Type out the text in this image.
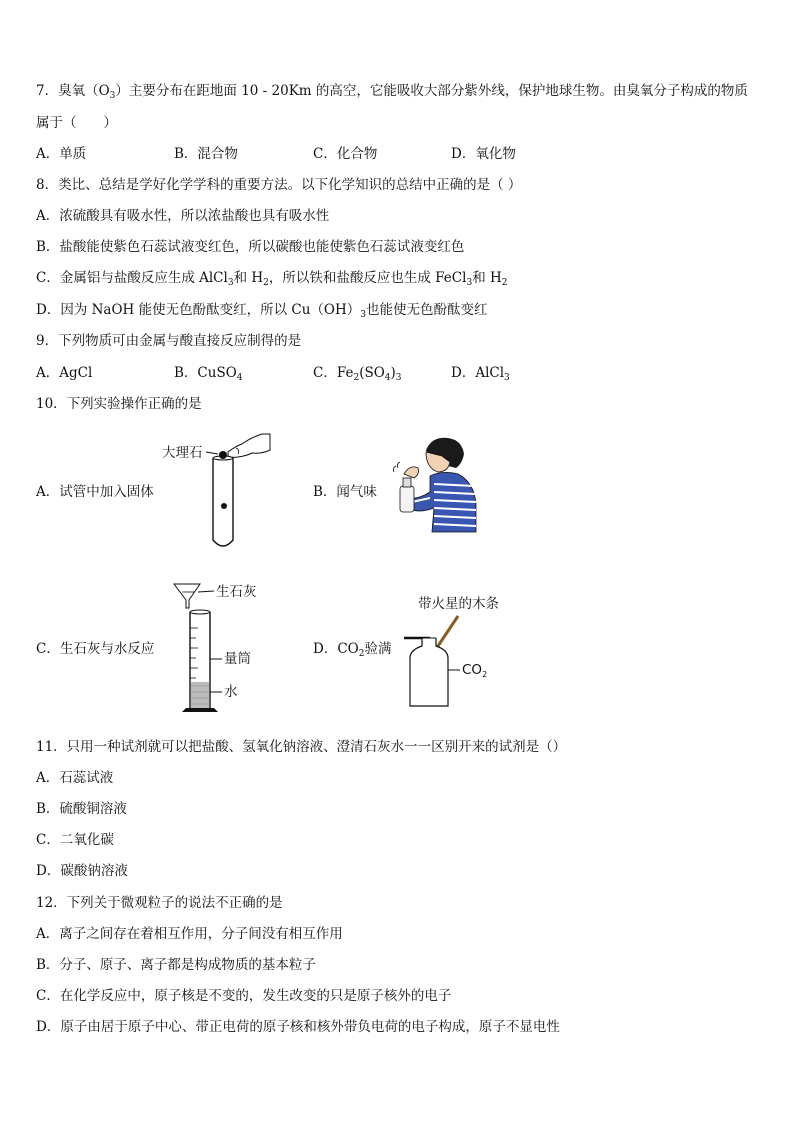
7．臭氧$(O_3)$主要分布在距地面 10 - 20Km 的高空，它能吸收大部分紫外线，保护地球生物。由臭氧分子构成的物质
属于（　　）
A．单质	B．混合物	C．化合物	D．氧化物
8．类比、总结是学好化学学科的重要方法。以下化学知识的总结中正确的是（ ）
A．浓硫酸具有吸水性，所以浓盐酸也具有吸水性
B．盐酸能使紫色石蕊试液变红色，所以碳酸也能使紫色石蕊试液变红色
C．金属铝与盐酸反应生成 AlCl$_3$和 $H_2$，所以铁和盐酸反应也生成 FeCl$_3$和 $H_2$
D．因为 NaOH 能使无色酚酞变红，所以 $Cu(OH)_3$也能使无色酚酞变红
9．下列物质可由金属与酸直接反应制得的是
A．AgCl	B．CuSO$_4$	C．$Fe_2(SO_4)_3$	D．AlCl$_3$
10．下列实验操作正确的是
大理石
A．试管中加入固体	B．闻气味
生石灰
量筒
水
C．生石灰与水反应
带火星的木条
$CO_2$
D．$CO_2$验满
11．只用一种试剂就可以把盐酸、氢氧化钠溶液、澄清石灰水一一区别开来的试剂是（）
A．石蕊试液
B．硫酸铜溶液
C．二氧化碳
D．碳酸钠溶液
12．下列关于微观粒子的说法不正确的是
A．离子之间存在着相互作用，分子间没有相互作用
B．分子、原子、离子都是构成物质的基本粒子
C．在化学反应中，原子核是不变的，发生改变的只是原子核外的电子
D．原子由居于原子中心、带正电荷的原子核和核外带负电荷的电子构成，原子不显电性
